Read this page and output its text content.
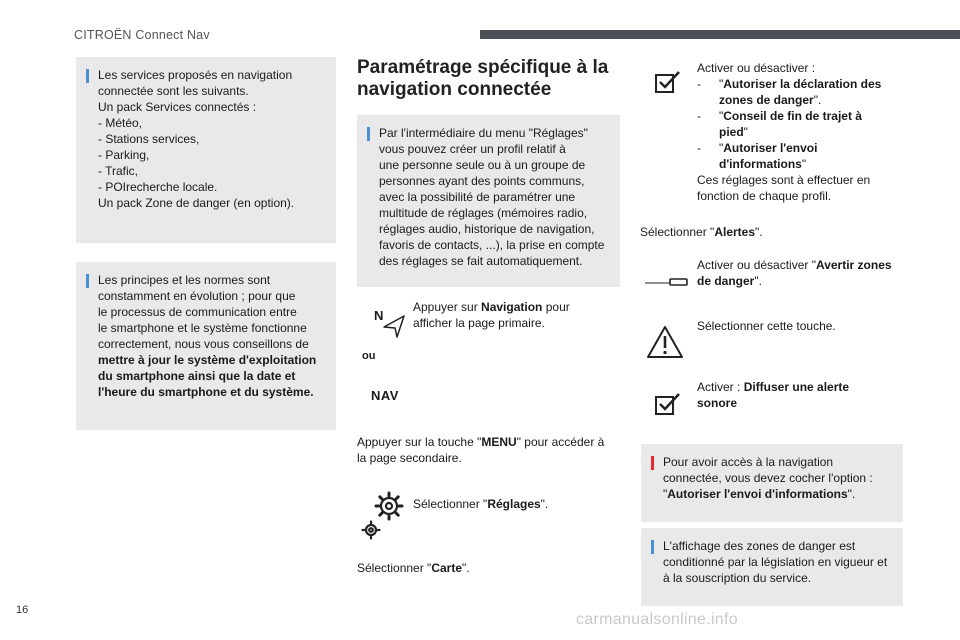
CITROËN Connect Nav

Les services proposés en navigation

connectée sont les suivants.

Un pack Services connectés :

- Météo,
- Stations services,
- Parking,
- Trafic,
- POIrecherche locale.

Un pack Zone de danger (en option).

Les principes et les normes sont

constamment en évolution ; pour que

le processus de communication entre

le smartphone et le système fonctionne

correctement, nous vous conseillons de

mettre à jour le système d'exploitation

du smartphone ainsi que la date et

l'heure du smartphone et du système.

Paramétrage spécifique à la
navigation connectée

Par l'intermédiaire du menu "Réglages"

vous pouvez créer un profil relatif à

une personne seule ou à un groupe de

personnes ayant des points communs,

avec la possibilité de paramétrer une

multitude de réglages (mémoires radio,

réglages audio, historique de navigation,

favoris de contacts, ...), la prise en compte

des réglages se fait automatiquement.

N
ou
NAV
Appuyer sur Navigation pour
afficher la page primaire.
Appuyer sur la touche "MENU" pour accéder à
la page secondaire.
Sélectionner "Réglages".
Sélectionner "Carte".
Activer ou désactiver :
-	"Autoriser la déclaration des
zones de danger".
-	"Conseil de fin de trajet à
pied"
-	"Autoriser l'envoi
d'informations"
Ces réglages sont à effectuer en
fonction de chaque profil.
Sélectionner "Alertes".
Activer ou désactiver "Avertir zones
de danger".
Sélectionner cette touche.
Activer : Diffuser une alerte
sonore

Pour avoir accès à la navigation

connectée, vous devez cocher l'option :

"Autoriser l'envoi d'informations".

L'affichage des zones de danger est

conditionné par la législation en vigueur et

à la souscription du service.

16
carmanualsonline.info
